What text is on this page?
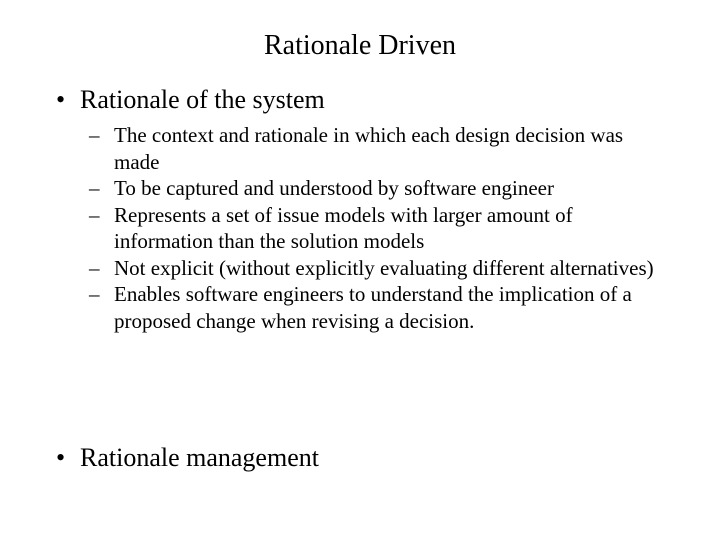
Rationale Driven
• Rationale of the system
– The context and rationale in which each design decision was made
– To be captured and understood by software engineer
– Represents a set of issue models with larger amount of information than the solution models
– Not explicit (without explicitly evaluating different alternatives)
– Enables software engineers to understand the implication of a proposed change when revising a decision.
• Rationale management
